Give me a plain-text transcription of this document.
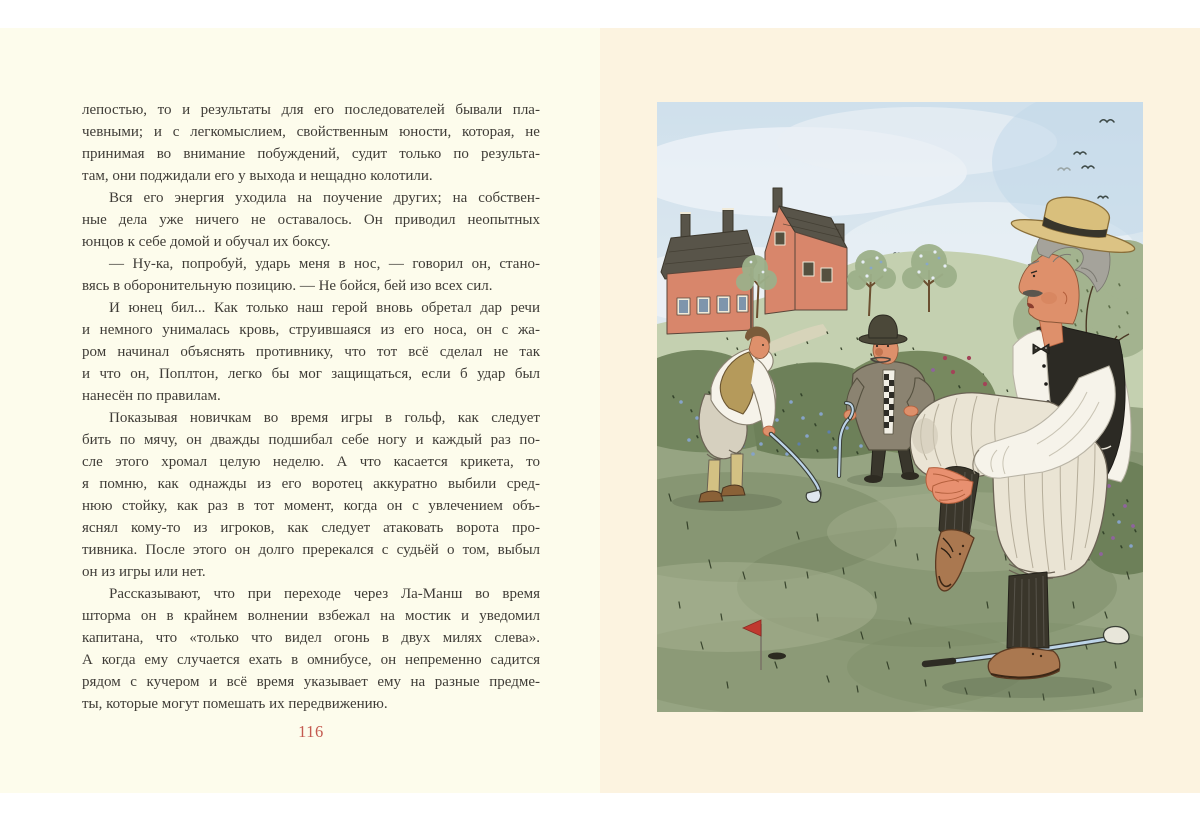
лепостью, то и результаты для его последователей бывали пла-
чевными; и с легкомыслием, свойственным юности, которая, не
принимая во внимание побуждений, судит только по результа-
там, они поджидали его у выхода и нещадно колотили.
Вся его энергия уходила на поучение других; на собствен-
ные дела уже ничего не оставалось. Он приводил неопытных
юнцов к себе домой и обучал их боксу.
— Ну-ка, попробуй, ударь меня в нос, — говорил он, стано-
вясь в оборонительную позицию. — Не бойся, бей изо всех сил.
И юнец бил... Как только наш герой вновь обретал дар речи
и немного унималась кровь, струившаяся из его носа, он с жа-
ром начинал объяснять противнику, что тот всё сделал не так
и что он, Поплтон, легко бы мог защищаться, если б удар был
нанесён по правилам.
Показывая новичкам во время игры в гольф, как следует
бить по мячу, он дважды подшибал себе ногу и каждый раз по-
сле этого хромал целую неделю. А что касается крикета, то
я помню, как однажды из его воротец аккуратно выбили сред-
нюю стойку, как раз в тот момент, когда он с увлечением объ-
яснял кому-то из игроков, как следует атаковать ворота про-
тивника. После этого он долго пререкался с судьёй о том, выбыл
он из игры или нет.
Рассказывают, что при переходе через Ла-Манш во время
шторма он в крайнем волнении взбежал на мостик и уведомил
капитана, что «только что видел огонь в двух милях слева».
А когда ему случается ехать в омнибусе, он непременно садится
рядом с кучером и всё время указывает ему на разные предме-
ты, которые могут помешать их передвижению.
116
